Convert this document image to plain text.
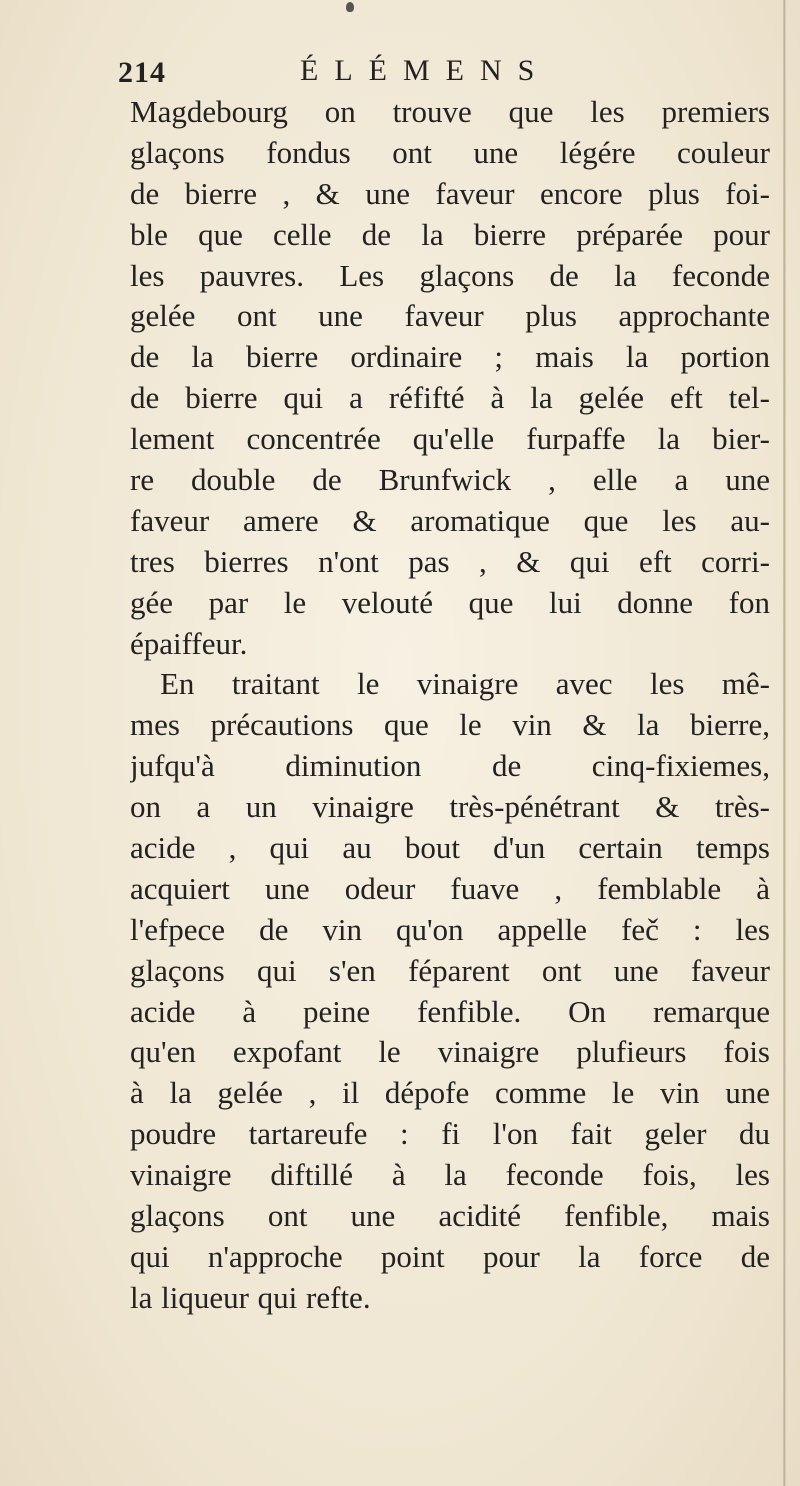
214	ÉLÉMENS
Magdebourg on trouve que les premiers
glaçons fondus ont une légére couleur
de bierre , & une faveur encore plus foi-
ble que celle de la bierre préparée pour
les pauvres. Les glaçons de la feconde
gelée ont une faveur plus approchante
de la bierre ordinaire ; mais la portion
de bierre qui a réfifté à la gelée eft tel-
lement concentrée qu'elle furpaffe la bier-
re double de Brunfwick , elle a une
faveur amere & aromatique que les au-
tres bierres n'ont pas , & qui eft corri-
gée par le velouté que lui donne fon
épaiffeur.
En traitant le vinaigre avec les mê-
mes précautions que le vin & la bierre,
jufqu'à diminution de cinq-fixiemes,
on a un vinaigre très-pénétrant & très-
acide , qui au bout d'un certain temps
acquiert une odeur fuave , femblable à
l'efpece de vin qu'on appelle feč : les
glaçons qui s'en féparent ont une faveur
acide à peine fenfible. On remarque
qu'en expofant le vinaigre plufieurs fois
à la gelée , il dépofe comme le vin une
poudre tartareufe : fi l'on fait geler du
vinaigre diftillé à la feconde fois, les
glaçons ont une acidité fenfible, mais
qui n'approche point pour la force de
la liqueur qui refte.
